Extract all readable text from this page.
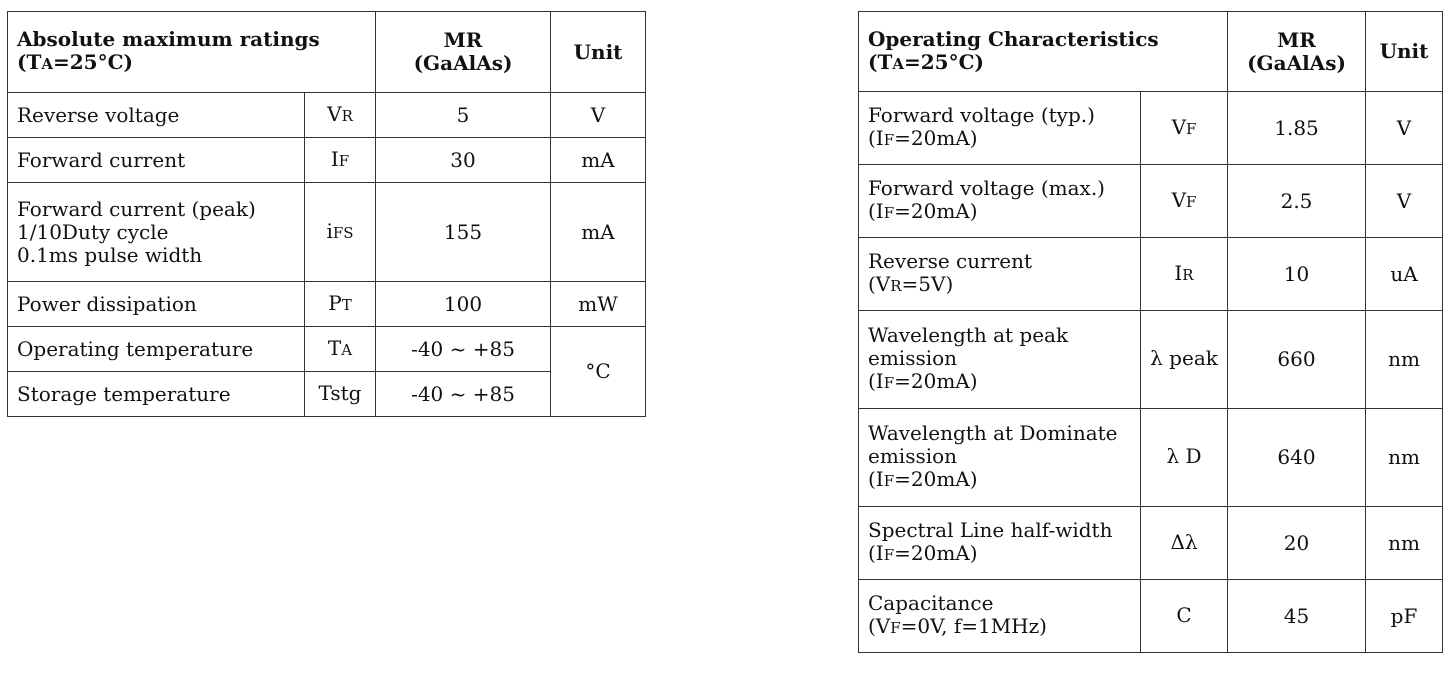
Absolute maximum ratings
(TA=25°C)		MR
(GaAlAs)	Unit
Reverse voltage	VR	5	V
Forward current	IF	30	mA

Forward current (peak)
1/10Duty cycle
0.1ms pulse width	iFS	155	mA
Power dissipation	PT	100	mW
Operating temperature	TA	-40 ~ +85	°C
Storage temperature	Tstg	-40 ~ +85	
Operating Characteristics
(TA=25°C)		MR
(GaAlAs)	Unit

Forward voltage (typ.)
(IF=20mA)	VF	1.85	V

Forward voltage (max.)
(IF=20mA)	VF	2.5	V

Reverse current
(VR=5V)	IR	10	uA

Wavelength at peak
emission
(IF=20mA)	λ peak	660	nm

Wavelength at Dominate
emission
(IF=20mA)	λ D	640	nm

Spectral Line half-width
(IF=20mA)	Δλ	20	nm

Capacitance
(VF=0V, f=1MHz)	C	45	pF
